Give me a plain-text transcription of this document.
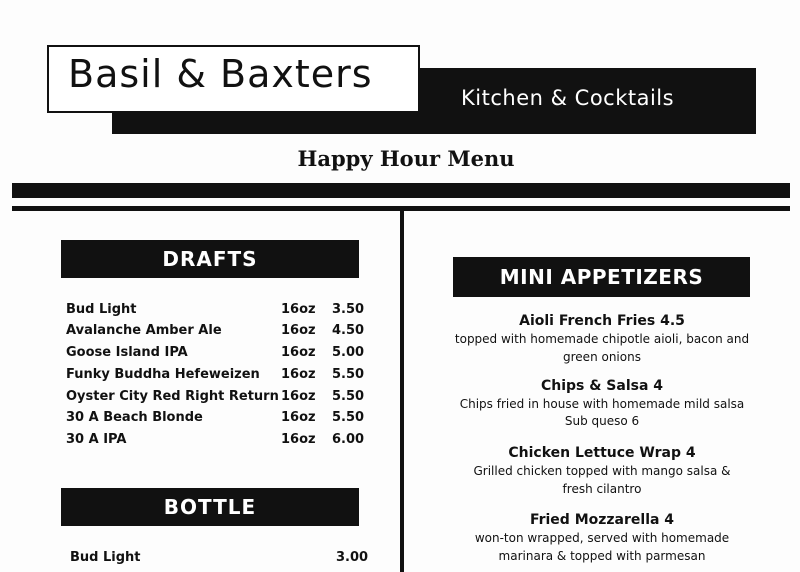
Basil & Baxters
Kitchen & Cocktails
Happy Hour Menu
DRAFTS
Bud Light	16oz 3.50
Avalanche Amber Ale	16oz 4.50
Goose Island IPA	16oz 5.00
Funky Buddha Hefeweizen 16oz 5.50
Oyster City Red Right Return 16oz 5.50
30 A Beach Blonde	16oz 5.50
30 A IPA	16oz 6.00
BOTTLE
Bud Light	3.00
MINI APPETIZERS
Aioli French Fries 4.5
topped with homemade chipotle aioli, bacon and green onions
Chips & Salsa 4
Chips fried in house with homemade mild salsa
Sub queso 6
Chicken Lettuce Wrap 4
Grilled chicken topped with mango salsa & fresh cilantro
Fried Mozzarella 4
won-ton wrapped, served with homemade marinara & topped with parmesan
